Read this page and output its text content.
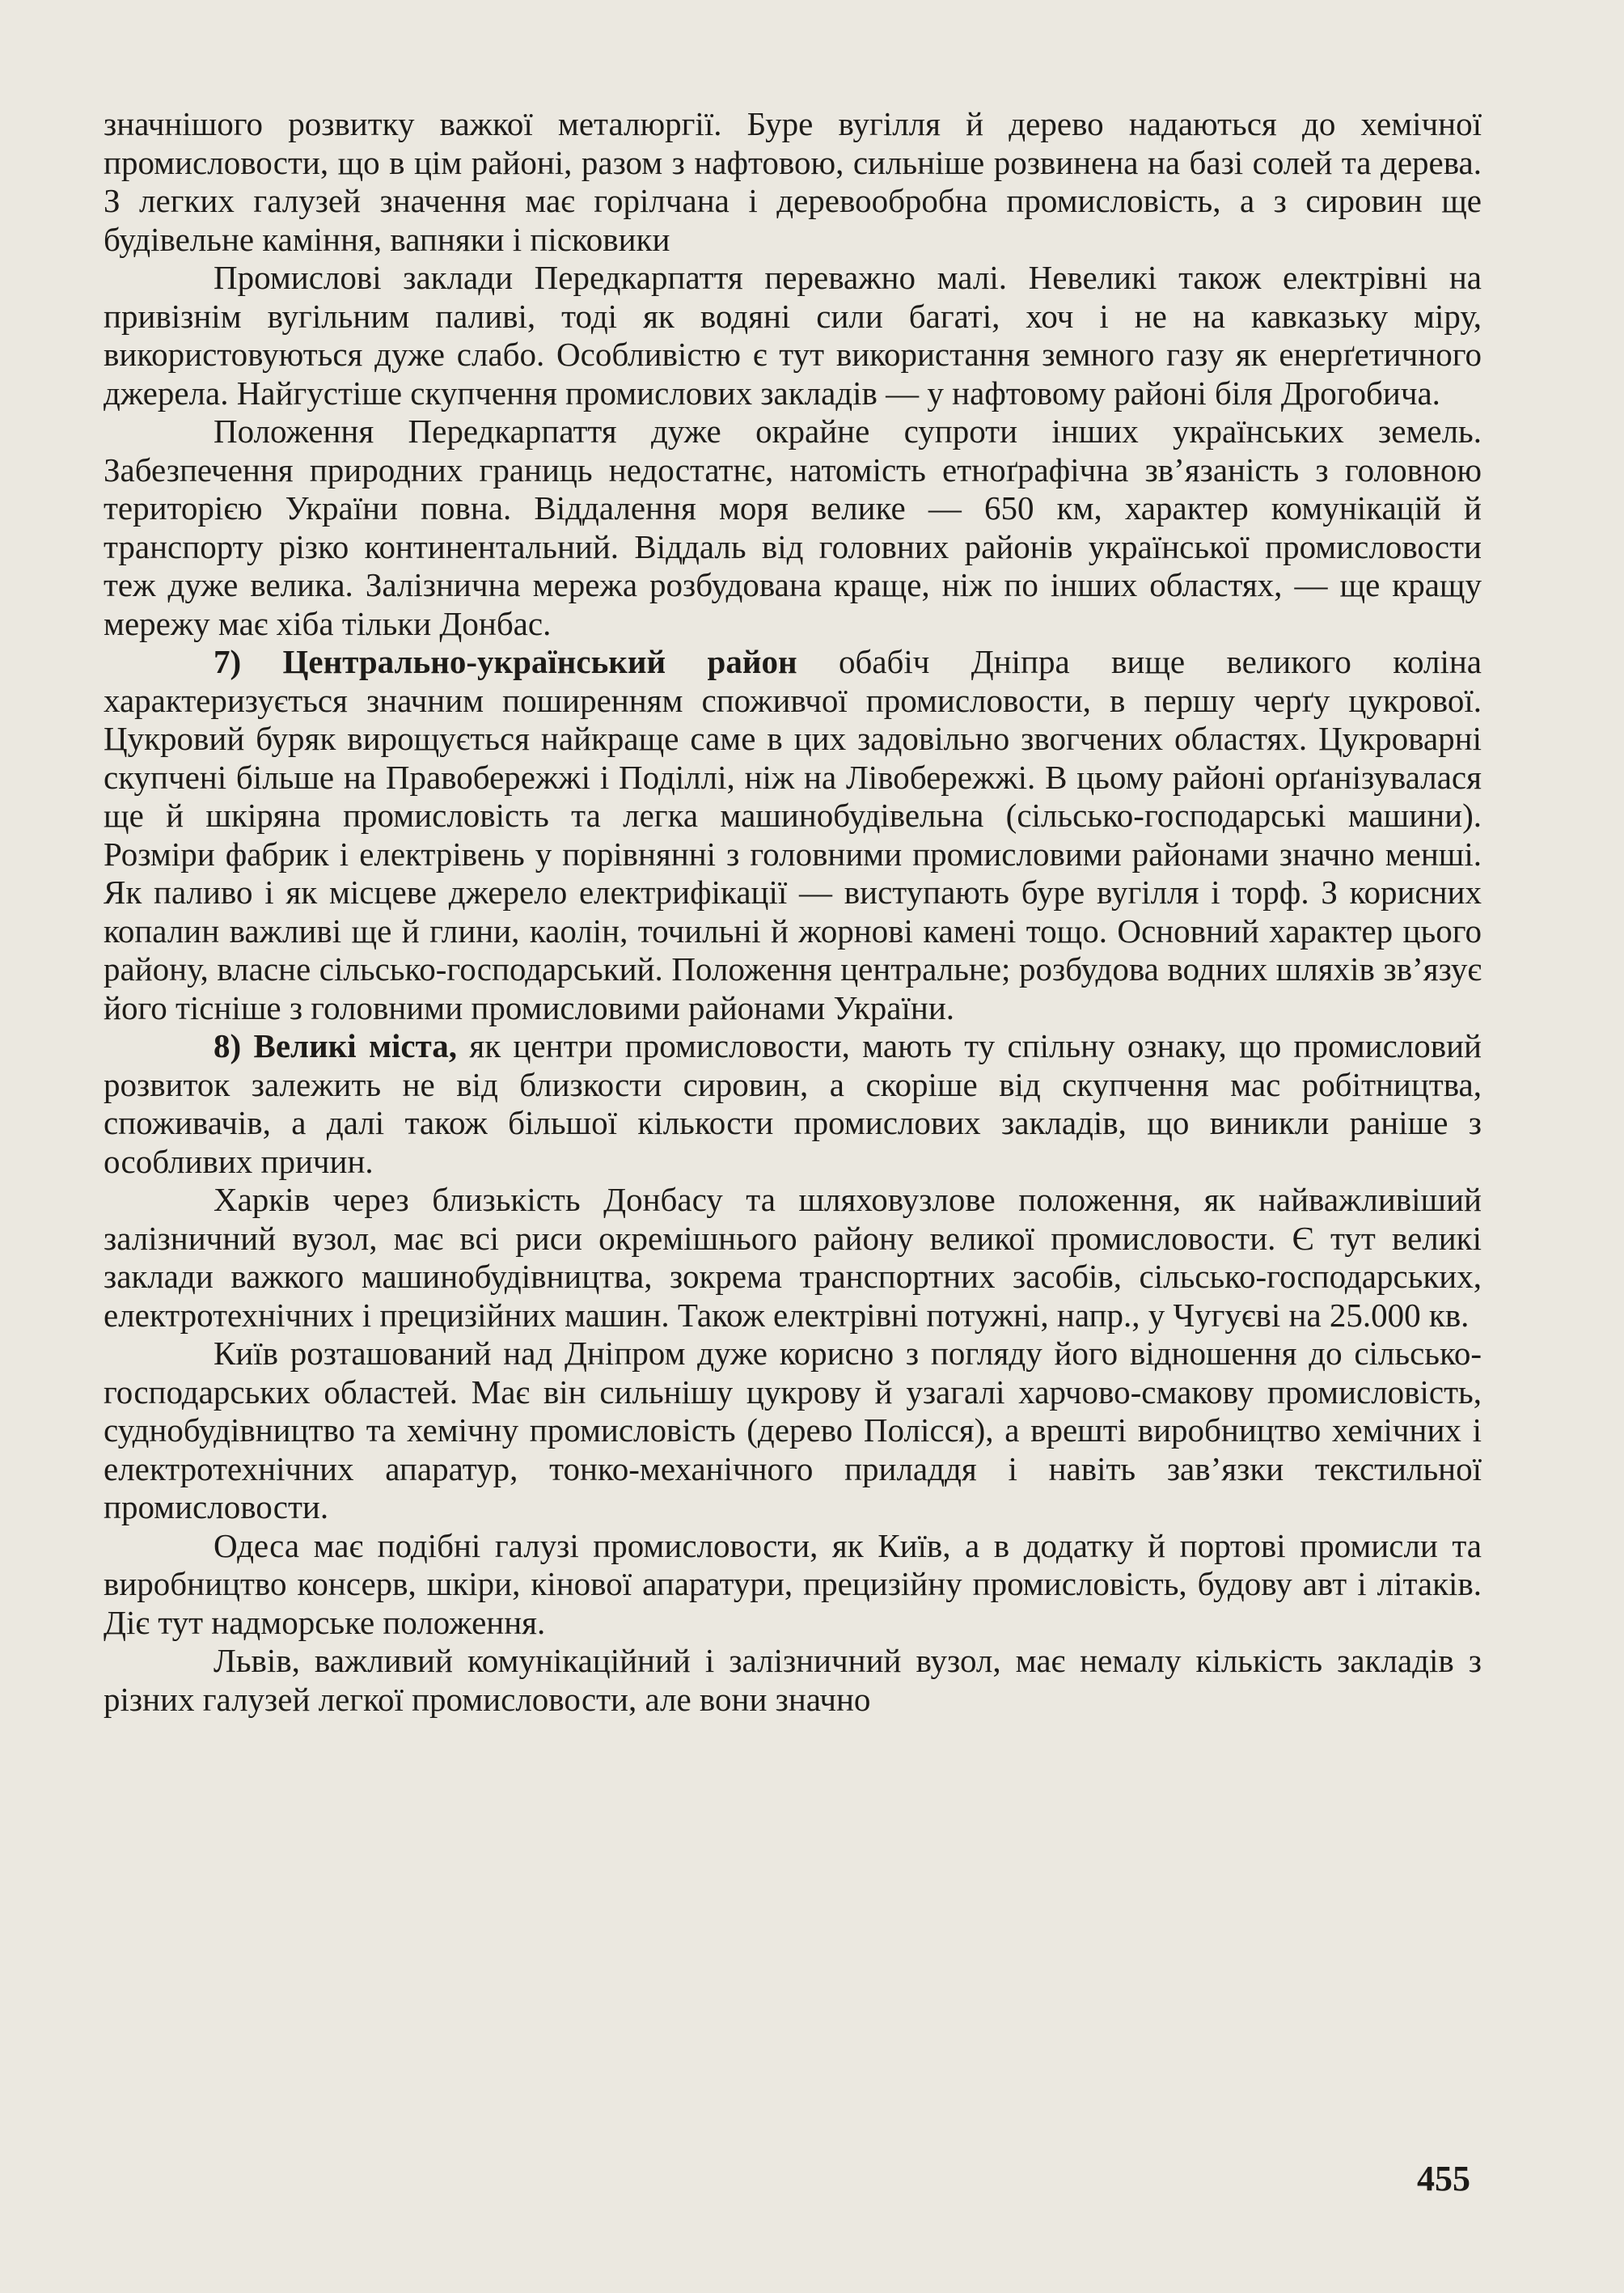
значнішого розвитку важкої металюргії. Буре вугілля й дерево надаються до хемічної промисловости, що в цім районі, разом з нафтовою, сильніше розвинена на базі солей та дерева. З легких галузей значення має горілчана і деревообробна промисловість, а з сировин ще будівельне каміння, вапняки і пісковики

Промислові заклади Передкарпаття переважно малі. Невеликі також електрівні на привізнім вугільним паливі, тоді як водяні сили багаті, хоч і не на кавказьку міру, використовуються дуже слабо. Особливістю є тут використання земного газу як енерґетичного джерела. Найгустіше скупчення промислових закладів — у нафтовому районі біля Дрогобича.

Положення Передкарпаття дуже окрайне супроти інших українських земель. Забезпечення природних границь недостатнє, натомість етноґрафічна зв’язаність з головною територією України повна. Віддалення моря велике — 650 км, характер комунікацій й транспорту різко континентальний. Віддаль від головних районів української промисловости теж дуже велика. Залізнична мережа розбудована краще, ніж по інших областях, — ще кращу мережу має хіба тільки Донбас.

7) Центрально-український район обабіч Дніпра вище великого коліна характеризується значним поширенням споживчої промисловости, в першу черґу цукрової. Цукровий буряк вирощується найкраще саме в цих задовільно звогчених областях. Цукроварні скупчені більше на Правобережжі і Поділлі, ніж на Лівобережжі. В цьому районі орґанізувалася ще й шкіряна промисловість та легка машинобудівельна (сільсько-господарські машини). Розміри фабрик і електрівень у порівнянні з головними промисловими районами значно менші. Як паливо і як місцеве джерело електрифікації — виступають буре вугілля і торф. З корисних копалин важливі ще й глини, каолін, точильні й жорнові камені тощо. Основний характер цього району, власне сільсько-господарський. Положення центральне; розбудова водних шляхів зв’язує його тісніше з головними промисловими районами України.

8) Великі міста, як центри промисловости, мають ту спільну ознаку, що промисловий розвиток залежить не від близкости сировин, а скоріше від скупчення мас робітництва, споживачів, а далі також більшої кількости промислових закладів, що виникли раніше з особливих причин.

Харків через близькість Донбасу та шляховузлове положення, як найважливіший залізничний вузол, має всі риси окремішнього району великої промисловости. Є тут великі заклади важкого машинобудівництва, зокрема транспортних засобів, сільсько-господарських, електротехнічних і прецизійних машин. Також електрівні потужні, напр., у Чугуєві на 25.000 кв.

Київ розташований над Дніпром дуже корисно з погляду його відношення до сільсько-господарських областей. Має він сильнішу цукрову й узагалі харчово-смакову промисловість, суднобудівництво та хемічну промисловість (дерево Полісся), а врешті виробництво хемічних і електротехнічних апаратур, тонко-механічного приладдя і навіть зав’язки текстильної промисловости.

Одеса має подібні галузі промисловости, як Київ, а в додатку й портові промисли та виробництво консерв, шкіри, кінової апаратури, прецизійну промисловість, будову авт і літаків. Діє тут надморське положення.

Львів, важливий комунікаційний і залізничний вузол, має немалу кількість закладів з різних галузей легкої промисловости, але вони значно

455
